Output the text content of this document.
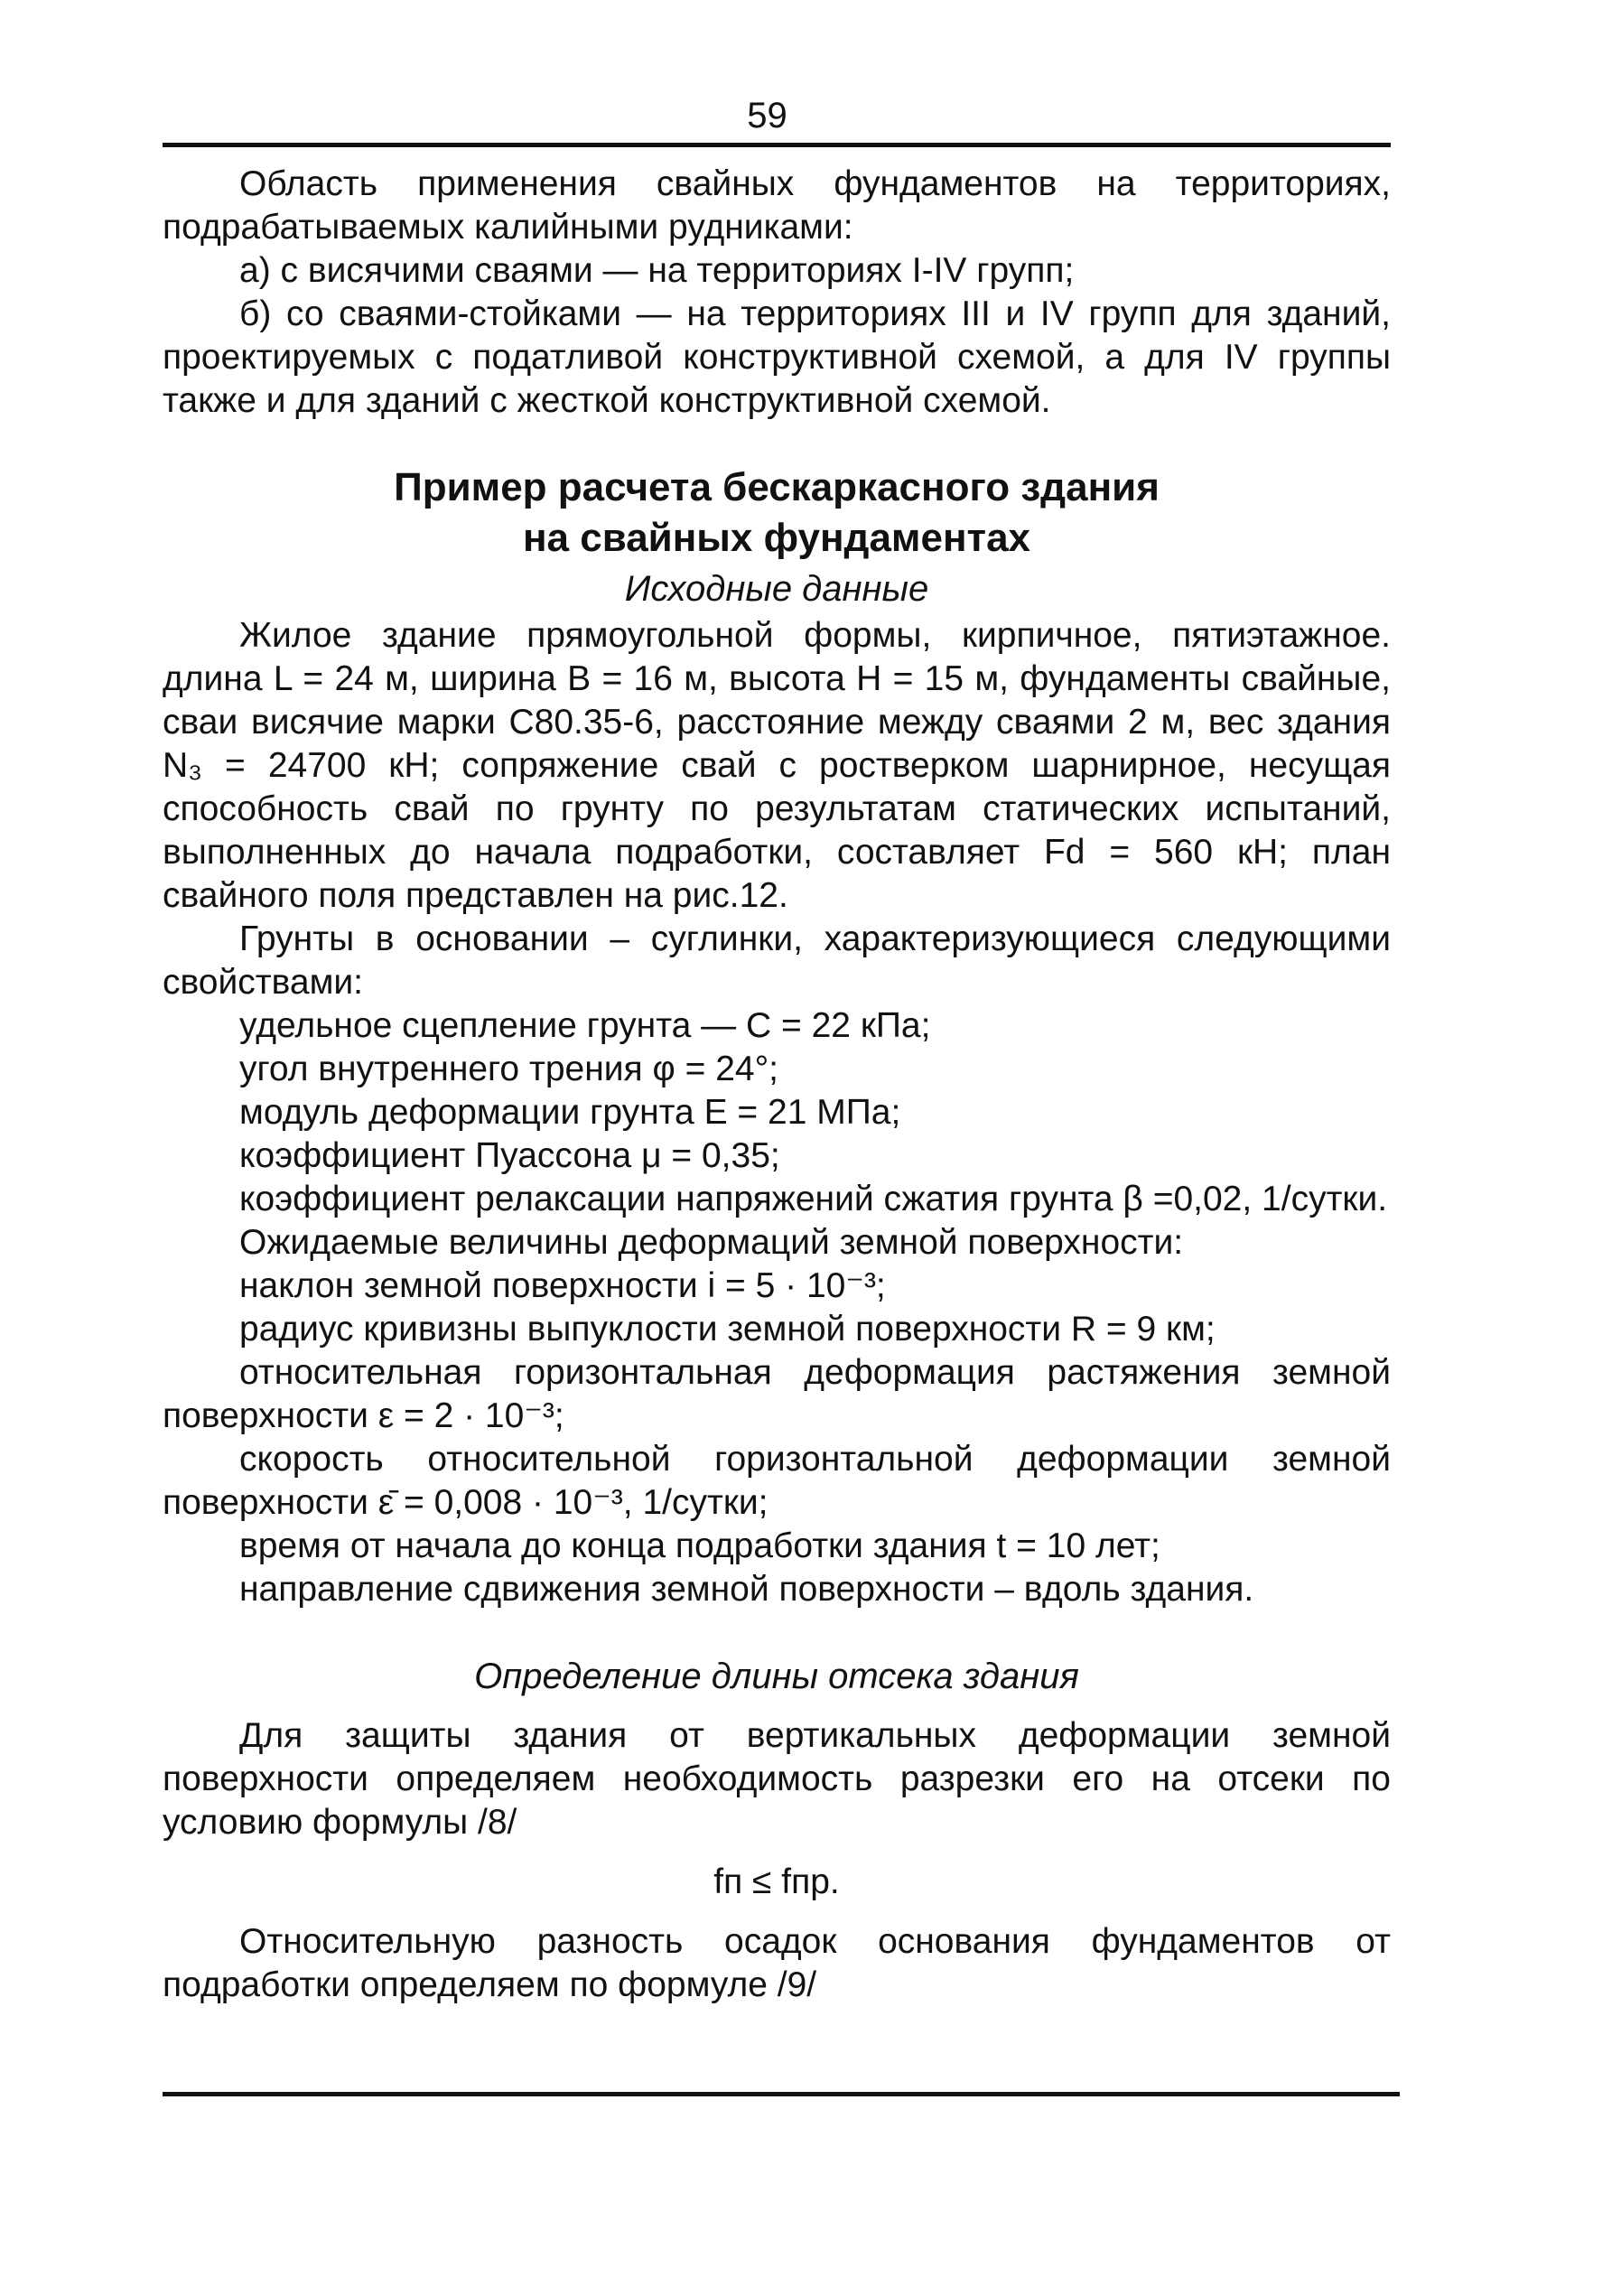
59

Область применения свайных фундаментов на территориях, подрабатываемых калийными рудниками:

а) с висячими сваями — на территориях I-IV групп;

б) со сваями-стойками — на территориях III и IV групп для зданий, проектируемых с податливой конструктивной схемой, а для IV группы также и для зданий с жесткой конструктивной схемой.

Пример расчета бескаркасного здания

на свайных фундаментах

Исходные данные

Жилое здание прямоугольной формы, кирпичное, пятиэтажное. длина L = 24 м, ширина B = 16 м, высота H = 15 м, фундаменты свайные, сваи висячие марки С80.35-6, расстояние между сваями 2 м, вес здания N₃ = 24700 кН; сопряжение свай с ростверком шарнирное, несущая способность свай по грунту по результатам статических испытаний, выполненных до начала подработки, составляет Fd = 560 кН; план свайного поля представлен на рис.12.

Грунты в основании – суглинки, характеризующиеся следующими свойствами:

удельное сцепление грунта — C = 22 кПа;

угол внутреннего трения φ = 24°;

модуль деформации грунта E = 21 МПа;

коэффициент Пуассона μ = 0,35;

коэффициент релаксации напряжений сжатия грунта β =0,02, 1/сутки.

Ожидаемые величины деформаций земной поверхности:

наклон земной поверхности i = 5 · 10⁻³;

радиус кривизны выпуклости земной поверхности R = 9 км;

относительная горизонтальная деформация растяжения земной поверхности ε = 2 · 10⁻³;

скорость относительной горизонтальной деформации земной поверхности ε̄ = 0,008 · 10⁻³, 1/сутки;

время от начала до конца подработки здания t = 10 лет;

направление сдвижения земной поверхности – вдоль здания.

Определение длины отсека здания

Для защиты здания от вертикальных деформации земной поверхности определяем необходимость разрезки его на отсеки по условию формулы /8/

fп ≤ fпр.

Относительную разность осадок основания фундаментов от подработки определяем по формуле /9/
